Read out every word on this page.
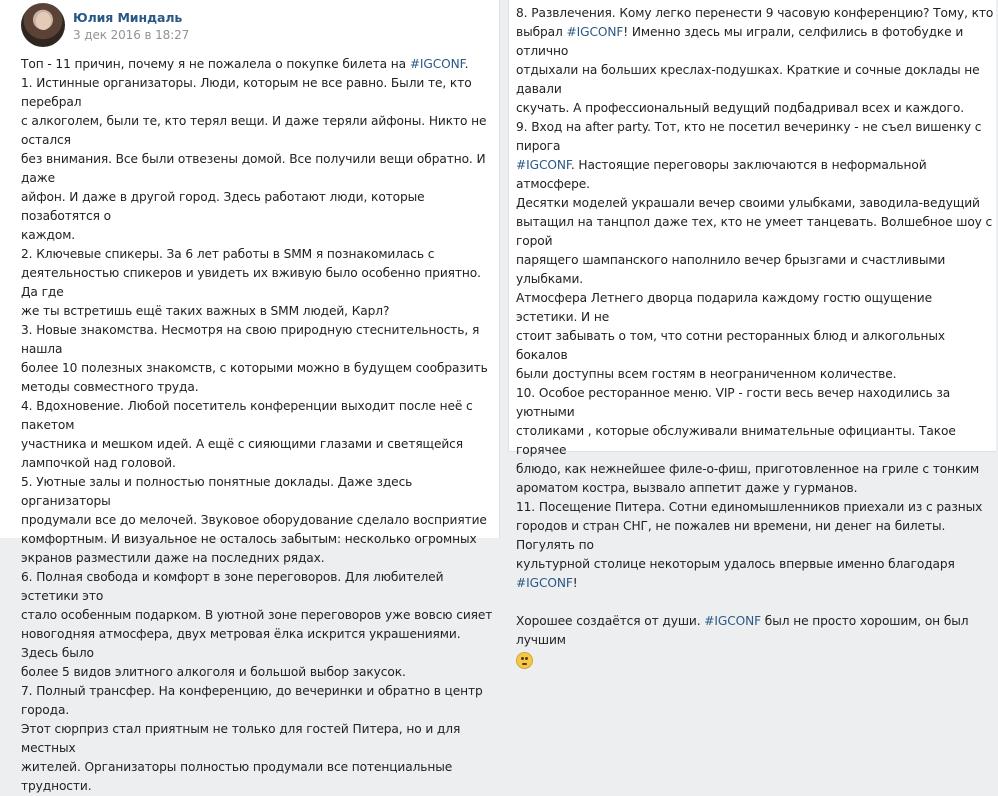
Юлия Миндаль
3 дек 2016 в 18:27

Топ - 11 причин, почему я не пожалела о покупке билета на #IGCONF.
1. Истинные организаторы. Люди, которым не все равно. Были те, кто перебрал
с алкоголем, были те, кто терял вещи. И даже теряли айфоны. Никто не остался
без внимания. Все были отвезены домой. Все получили вещи обратно. И даже
айфон. И даже в другой город. Здесь работают люди, которые позаботятся о
каждом.

2. Ключевые спикеры. За 6 лет работы в SMM я познакомилась с
деятельностью спикеров и увидеть их вживую было особенно приятно. Да где
же ты встретишь ещё таких важных в SMM людей, Карл?

3. Новые знакомства. Несмотря на свою природную стеснительность, я нашла
более 10 полезных знакомств, с которыми можно в будущем сообразить
методы совместного труда.

4. Вдохновение. Любой посетитель конференции выходит после неё с пакетом
участника и мешком идей. А ещё с сияющими глазами и светящейся
лампочкой над головой.

5. Уютные залы и полностью понятные доклады. Даже здесь организаторы
продумали все до мелочей. Звуковое оборудование сделало восприятие
комфортным. И визуальное не осталось забытым: несколько огромных
экранов разместили даже на последних рядах.

6. Полная свобода и комфорт в зоне переговоров. Для любителей эстетики это
стало особенным подарком. В уютной зоне переговоров уже вовсю сияет
новогодняя атмосфера, двух метровая ёлка искрится украшениями. Здесь было
более 5 видов элитного алкоголя и большой выбор закусок.

7. Полный трансфер. На конференцию, до вечеринки и обратно в центр города.
Этот сюрприз стал приятным не только для гостей Питера, но и для местных
жителей. Организаторы полностью продумали все потенциальные трудности.

8. Развлечения. Кому легко перенести 9 часовую конференцию? Тому, кто
выбрал #IGCONF! Именно здесь мы играли, селфились в фотобудке и отлично
отдыхали на больших креслах-подушках. Краткие и сочные доклады не давали
скучать. А профессиональный ведущий подбадривал всех и каждого.

9. Вход на after party. Тот, кто не посетил вечеринку - не съел вишенку с пирога
#IGCONF. Настоящие переговоры заключаются в неформальной атмосфере.
Десятки моделей украшали вечер своими улыбками, заводила-ведущий
вытащил на танцпол даже тех, кто не умеет танцевать. Волшебное шоу с горой
парящего шампанского наполнило вечер брызгами и счастливыми улыбками.
Атмосфера Летнего дворца подарила каждому гостю ощущение эстетики. И не
стоит забывать о том, что сотни ресторанных блюд и алкогольных бокалов
были доступны всем гостям в неограниченном количестве.

10. Особое ресторанное меню. VIP - гости весь вечер находились за уютными
столиками , которые обслуживали внимательные официанты. Такое горячее
блюдо, как нежнейшее филе-о-фиш, приготовленное на гриле с тонким
ароматом костра, вызвало аппетит даже у гурманов.

11. Посещение Питера. Сотни единомышленников приехали из с разных
городов и стран СНГ, не пожалев ни времени, ни денег на билеты. Погулять по
культурной столице некоторым удалось впервые именно благодаря #IGCONF!

Хорошее создаётся от души. #IGCONF был не просто хорошим, он был лучшим
